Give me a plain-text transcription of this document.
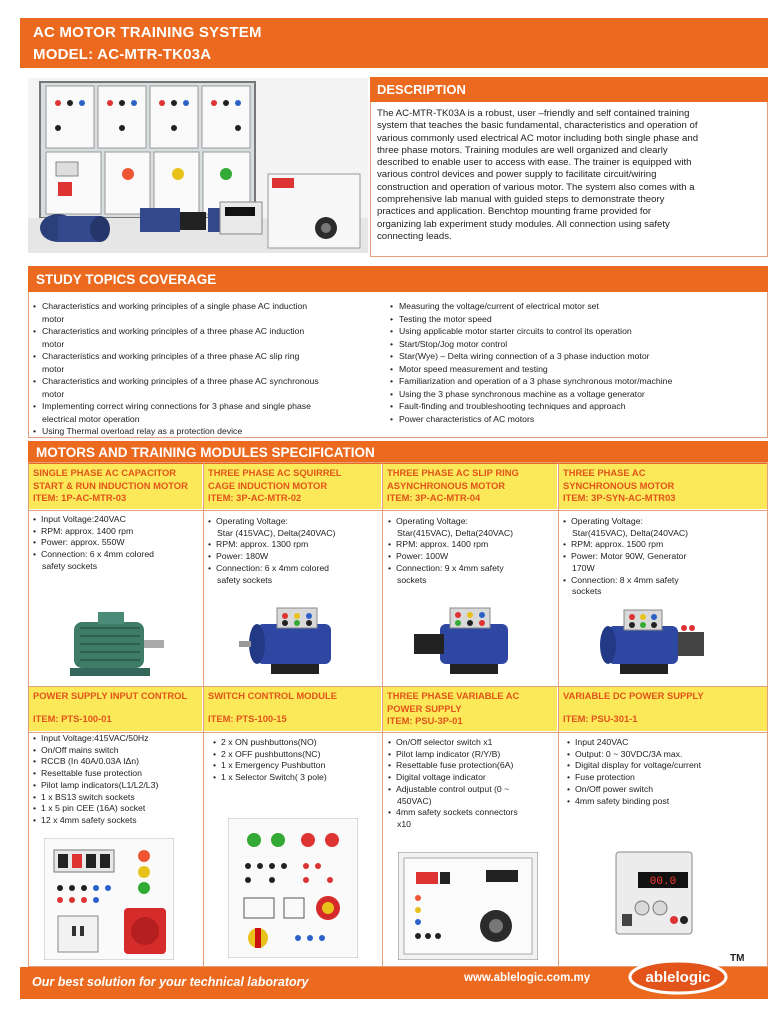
AC MOTOR TRAINING SYSTEM
MODEL: AC-MTR-TK03A
DESCRIPTION
The AC-MTR-TK03A is a robust, user –friendly and self contained training
system that teaches the basic fundamental, characteristics and operation of
various commonly used electrical AC motor including both single phase and
three phase motors. Training modules are well organized and clearly
described to enable user to access with ease. The trainer is equipped with
various control devices and power supply to facilitate circuit/wiring
construction and operation of various motor. The system also comes with a
comprehensive lab manual with guided steps to demonstrate theory
practices and application. Benchtop mounting frame provided for
organizing lab experiment study modules. All connection using safety
connecting leads.
STUDY TOPICS COVERAGE
• Characteristics and working principles of a single phase AC induction
motor
• Characteristics and working principles of a three phase AC induction
motor
• Characteristics and working principles of a three phase AC slip ring
motor
• Characteristics and working principles of a three phase AC synchronous
motor
• Implementing correct wiring connections for 3 phase and single phase
electrical motor operation
• Using Thermal overload relay as a protection device
• Measuring the voltage/current of electrical motor set
• Testing the motor speed
• Using applicable motor starter circuits to control its operation
• Start/Stop/Jog motor control
• Star(Wye) – Delta wiring connection of a 3 phase induction motor
• Motor speed measurement and testing
• Familiarization and operation of a 3 phase synchronous motor/machine
• Using the 3 phase synchronous machine as a voltage generator
• Fault-finding and troubleshooting techniques and approach
• Power characteristics of AC motors
MOTORS AND TRAINING MODULES SPECIFICATION
SINGLE PHASE AC CAPACITOR
START & RUN INDUCTION MOTOR
ITEM: 1P-AC-MTR-03
THREE PHASE AC SQUIRREL
CAGE INDUCTION MOTOR
ITEM: 3P-AC-MTR-02
THREE PHASE AC SLIP RING
ASYNCHRONOUS MOTOR
ITEM: 3P-AC-MTR-04
THREE PHASE AC
SYNCHRONOUS MOTOR
ITEM: 3P-SYN-AC-MTR03
• Input Voltage:240VAC
• RPM: approx. 1400 rpm
• Power: approx. 550W
• Connection: 6 x 4mm colored
safety sockets
• Operating Voltage:
Star (415VAC), Delta(240VAC)
• RPM: approx. 1300 rpm
• Power: 180W
• Connection: 6 x 4mm colored
safety sockets
• Operating Voltage:
Star(415VAC), Delta(240VAC)
• RPM: approx. 1400 rpm
• Power: 100W
• Connection: 9 x 4mm safety
sockets
• Operating Voltage:
Star(415VAC), Delta(240VAC)
• RPM: approx. 1500 rpm
• Power: Motor 90W, Generator
170W
• Connection: 8 x 4mm safety
sockets
POWER SUPPLY INPUT CONTROL
ITEM: PTS-100-01
SWITCH CONTROL MODULE
ITEM: PTS-100-15
THREE PHASE VARIABLE AC
POWER SUPPLY
ITEM: PSU-3P-01
VARIABLE DC POWER SUPPLY
ITEM: PSU-301-1
• Input Voltage:415VAC/50Hz
• On/Off mains switch
• RCCB (In 40A/0.03A IΔn)
• Resettable fuse protection
• Pilot lamp indicators(L1/L2/L3)
• 1 x BS13 switch sockets
• 1 x 5 pin CEE (16A) socket
• 12 x 4mm safety sockets
• 2 x ON pushbuttons(NO)
• 2 x OFF pushbuttons(NC)
• 1 x Emergency Pushbutton
• 1 x Selector Switch( 3 pole)
• On/Off selector switch x1
• Pilot lamp indicator (R/Y/B)
• Resettable fuse protection(6A)
• Digital voltage indicator
• Adjustable control output (0 ~
450VAC)
• 4mm safety sockets connectors
x10
• Input 240VAC
• Output: 0 ~ 30VDC/3A max.
• Digital display for voltage/current
• Fuse protection
• On/Off power switch
• 4mm safety binding post
00.0
Our best solution for your technical laboratory	www.ablelogic.com.my	ablelogic
TM
